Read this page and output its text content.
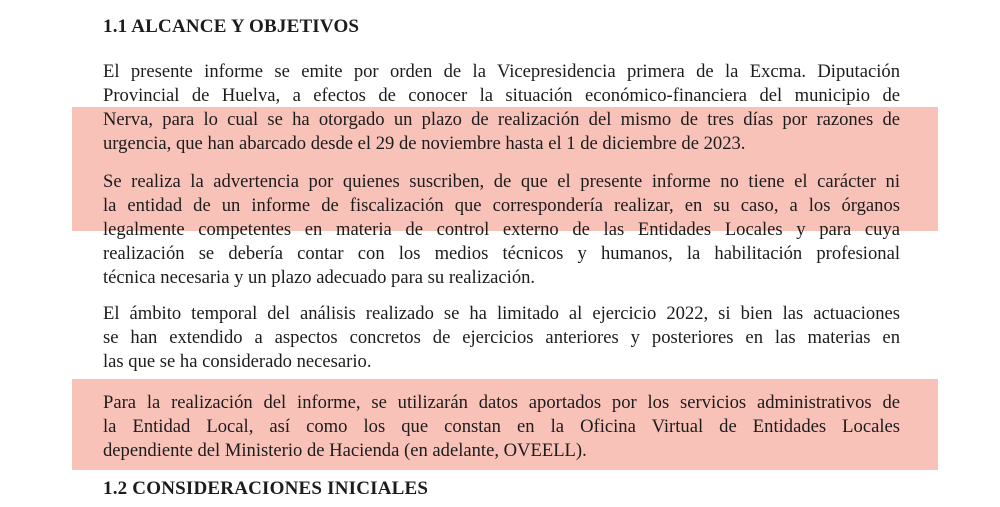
1.1 ALCANCE Y OBJETIVOS

El presente informe se emite por orden de la Vicepresidencia primera de la Excma. Diputación
Provincial de Huelva, a efectos de conocer la situación económico-financiera del municipio de
Nerva, para lo cual se ha otorgado un plazo de realización del mismo de tres días por razones de
urgencia, que han abarcado desde el 29 de noviembre hasta el 1 de diciembre de 2023.

Se realiza la advertencia por quienes suscriben, de que el presente informe no tiene el carácter ni
la entidad de un informe de fiscalización que correspondería realizar, en su caso, a los órganos
legalmente competentes en materia de control externo de las Entidades Locales y para cuya
realización se debería contar con los medios técnicos y humanos, la habilitación profesional
técnica necesaria y un plazo adecuado para su realización.

El ámbito temporal del análisis realizado se ha limitado al ejercicio 2022, si bien las actuaciones
se han extendido a aspectos concretos de ejercicios anteriores y posteriores en las materias en
las que se ha considerado necesario.

Para la realización del informe, se utilizarán datos aportados por los servicios administrativos de
la Entidad Local, así como los que constan en la Oficina Virtual de Entidades Locales
dependiente del Ministerio de Hacienda (en adelante, OVEELL).

1.2 CONSIDERACIONES INICIALES
